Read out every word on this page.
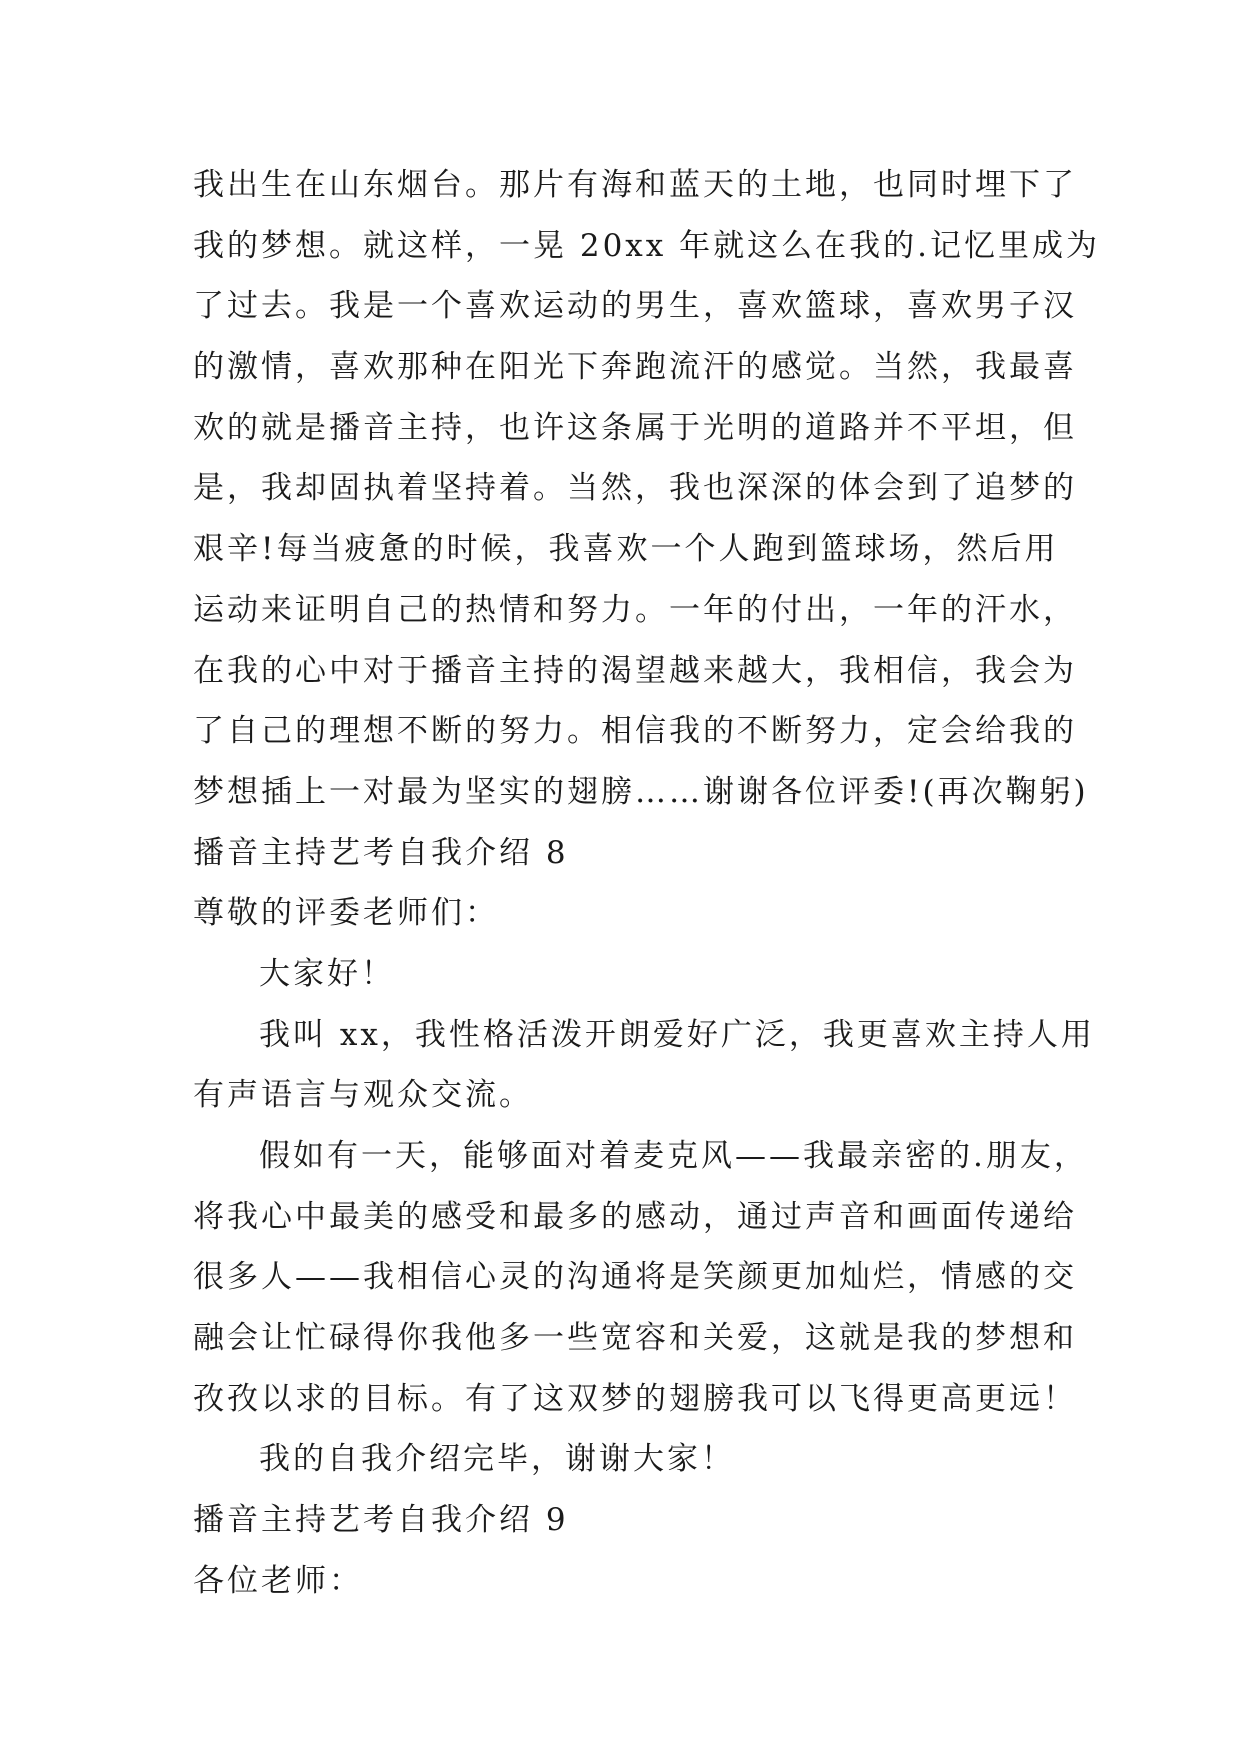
我出生在山东烟台。那片有海和蓝天的土地，也同时埋下了
我的梦想。就这样，一晃 20xx 年就这么在我的.记忆里成为
了过去。我是一个喜欢运动的男生，喜欢篮球，喜欢男子汉
的激情，喜欢那种在阳光下奔跑流汗的感觉。当然，我最喜
欢的就是播音主持，也许这条属于光明的道路并不平坦，但
是，我却固执着坚持着。当然，我也深深的体会到了追梦的
艰辛!每当疲惫的时候，我喜欢一个人跑到篮球场，然后用
运动来证明自己的热情和努力。一年的付出，一年的汗水，
在我的心中对于播音主持的渴望越来越大，我相信，我会为
了自己的理想不断的努力。相信我的不断努力，定会给我的
梦想插上一对最为坚实的翅膀……谢谢各位评委!(再次鞠躬)
播音主持艺考自我介绍 8
尊敬的评委老师们：
大家好！
我叫 xx，我性格活泼开朗爱好广泛，我更喜欢主持人用
有声语言与观众交流。
假如有一天，能够面对着麦克风——我最亲密的.朋友，
将我心中最美的感受和最多的感动，通过声音和画面传递给
很多人——我相信心灵的沟通将是笑颜更加灿烂，情感的交
融会让忙碌得你我他多一些宽容和关爱，这就是我的梦想和
孜孜以求的目标。有了这双梦的翅膀我可以飞得更高更远！
我的自我介绍完毕，谢谢大家！
播音主持艺考自我介绍 9
各位老师：
